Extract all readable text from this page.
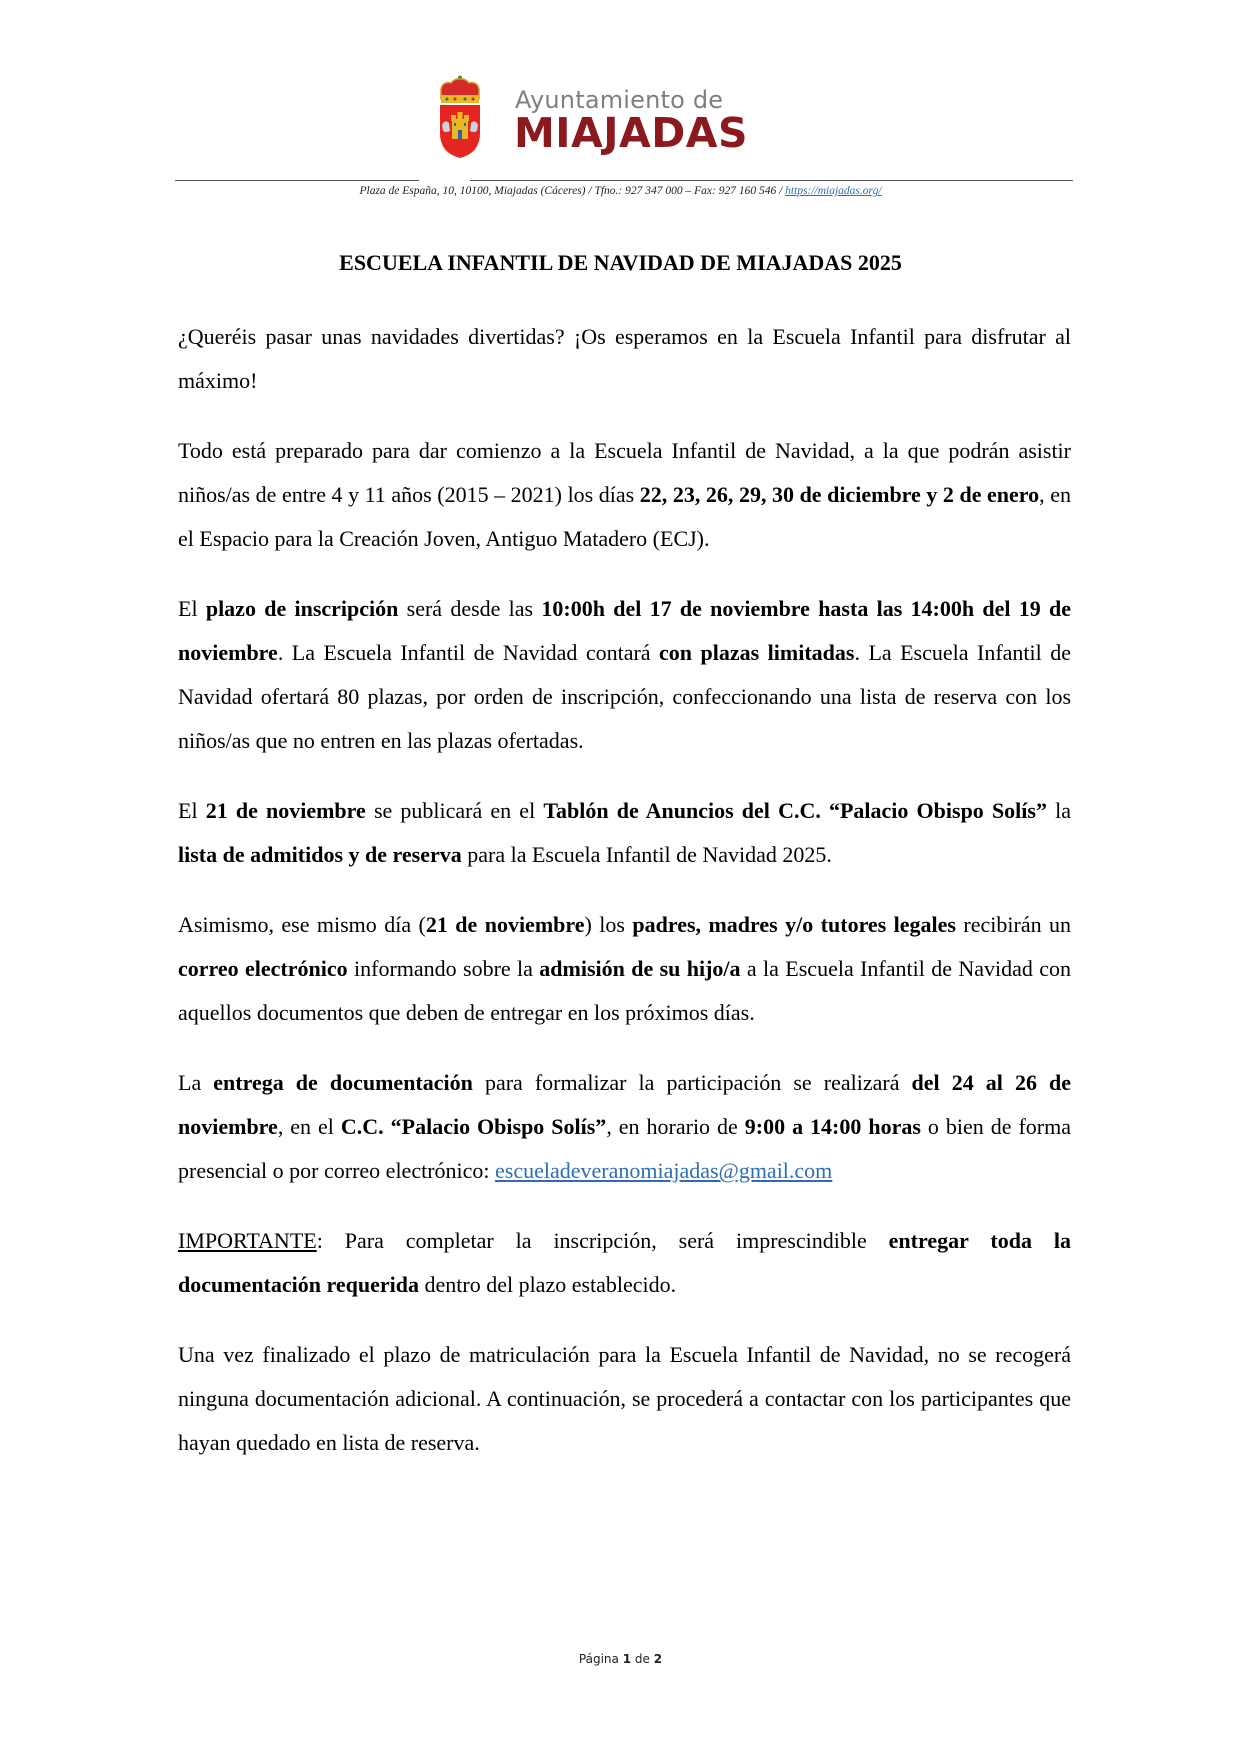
Ayuntamiento de
MIAJADAS
Plaza de España, 10, 10100, Miajadas (Cáceres) / Tfno.: 927 347 000 – Fax: 927 160 546 / https://miajadas.org/
ESCUELA INFANTIL DE NAVIDAD DE MIAJADAS 2025

¿Queréis pasar unas navidades divertidas? ¡Os esperamos en la Escuela Infantil para disfrutar al máximo!

Todo está preparado para dar comienzo a la Escuela Infantil de Navidad, a la que podrán asistir niños/as de entre 4 y 11 años (2015 – 2021) los días 22, 23, 26, 29, 30 de diciembre y 2 de enero, en el Espacio para la Creación Joven, Antiguo Matadero (ECJ).

El plazo de inscripción será desde las 10:00h del 17 de noviembre hasta las 14:00h del 19 de noviembre. La Escuela Infantil de Navidad contará con plazas limitadas. La Escuela Infantil de Navidad ofertará 80 plazas, por orden de inscripción, confeccionando una lista de reserva con los niños/as que no entren en las plazas ofertadas.

El 21 de noviembre se publicará en el Tablón de Anuncios del C.C. “Palacio Obispo Solís” la lista de admitidos y de reserva para la Escuela Infantil de Navidad 2025.

Asimismo, ese mismo día (21 de noviembre) los padres, madres y/o tutores legales recibirán un correo electrónico informando sobre la admisión de su hijo/a a la Escuela Infantil de Navidad con aquellos documentos que deben de entregar en los próximos días.

La entrega de documentación para formalizar la participación se realizará del 24 al 26 de noviembre, en el C.C. “Palacio Obispo Solís”, en horario de 9:00 a 14:00 horas o bien de forma presencial o por correo electrónico: escueladeveranomiajadas@gmail.com

IMPORTANTE: Para completar la inscripción, será imprescindible entregar toda la documentación requerida dentro del plazo establecido.

Una vez finalizado el plazo de matriculación para la Escuela Infantil de Navidad, no se recogerá ninguna documentación adicional. A continuación, se procederá a contactar con los participantes que hayan quedado en lista de reserva.

Página 1 de 2
